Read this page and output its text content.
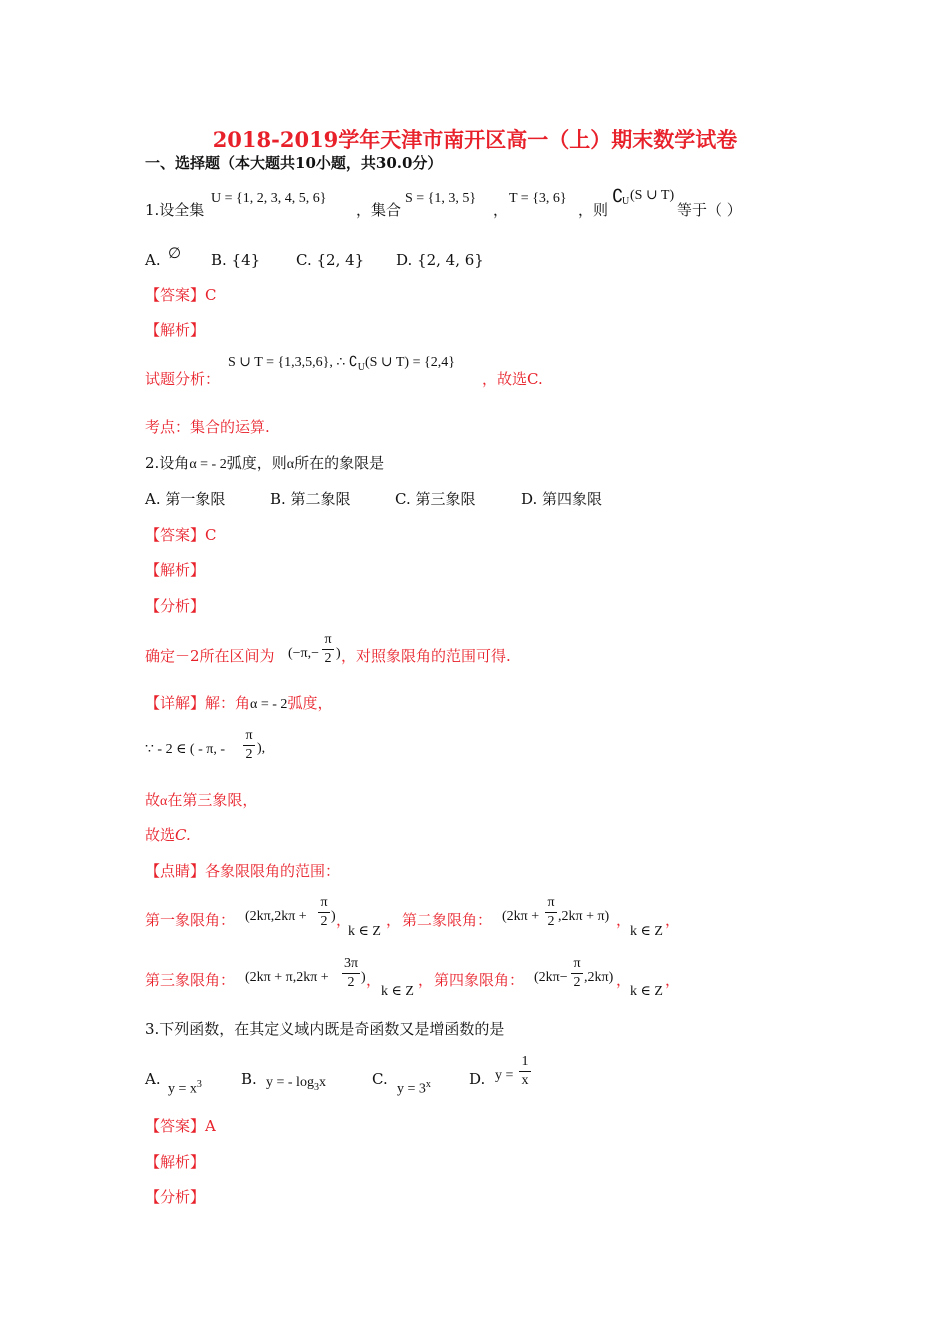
2018-2019学年天津市南开区高一（上）期末数学试卷
一、选择题（本大题共10小题，共30.0分）
1.设全集
U = {1, 2, 3, 4, 5, 6}
，集合
S = {1, 3, 5}
，
T = {3, 6}
，则
∁
U (S ∪ T)
等于（ ）
A. ∅ B. {4} C. {2, 4} D. {2, 4, 6}
【答案】C
【解析】
试题分析：
S ∪ T = {1,3,5,6}, ∴ $∁_U(S$ ∪ T) = {2,4}
，故选C.
考点：集合的运算.
2.设角α = - 2弧度，则α所在的象限是
A. 第一象限	B. 第二象限	C. 第三象限	D. 第四象限
【答案】C
【解析】
【分析】
确定－2所在区间为 (−π,−
π
2 ) ，对照象限角的范围可得.
【详解】解：角α = - 2弧度，
∵ - 2 ∈ ( - π, -
π
2 ),
故α在第三象限，
故选C.
【点睛】各象限限角的范围：
第一象限角： (2kπ,2kπ +
π
2 ) ，
k ∈ Z
， 第二象限角： (2kπ +
π
2 ,2kπ + π) ，
k ∈ Z
，
第三象限角： (2kπ + π,2kπ +
3π
2 ) ，
k ∈ Z
， 第四象限角： (2kπ−
π
2 ,2kπ) ，
k ∈ Z
，
3.下列函数，在其定义域内既是奇函数又是增函数的是
A.
$y = x^3$	B. y = - $\log_3x$	C.
$y = 3^x$	D. y =
1
x
【答案】A
【解析】
【分析】
